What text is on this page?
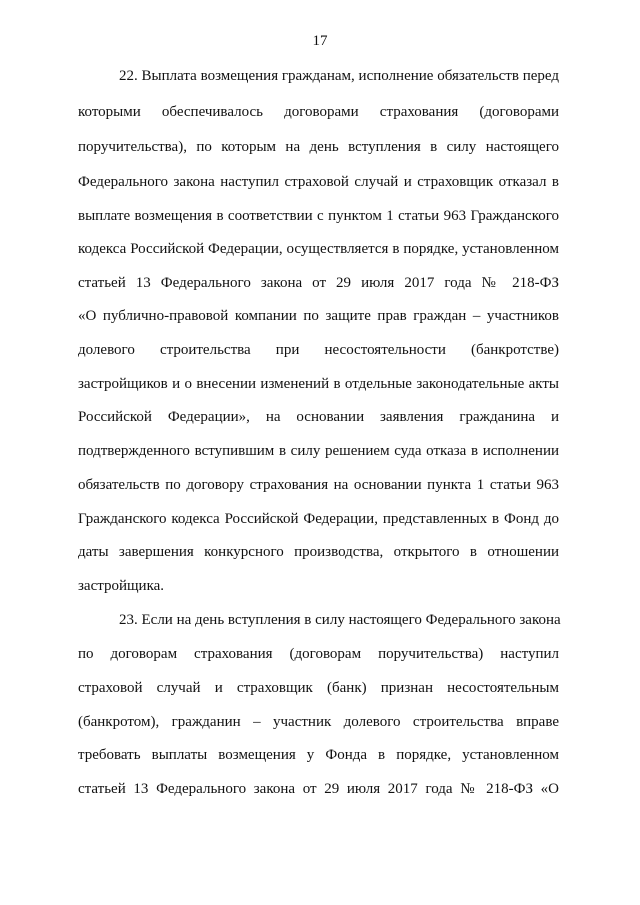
17
22. Выплата возмещения гражданам, исполнение обязательств перед
которыми обеспечивалось договорами страхования (договорами
поручительства), по которым на день вступления в силу настоящего
Федерального закона наступил страховой случай и страховщик отказал в
выплате возмещения в соответствии с пунктом 1 статьи 963 Гражданского
кодекса Российской Федерации, осуществляется в порядке, установленном
статьей 13 Федерального закона от 29 июля 2017 года № 218-ФЗ
«О публично-правовой компании по защите прав граждан – участников
долевого строительства при несостоятельности (банкротстве)
застройщиков и о внесении изменений в отдельные законодательные акты
Российской Федерации», на основании заявления гражданина и
подтвержденного вступившим в силу решением суда отказа в исполнении
обязательств по договору страхования на основании пункта 1 статьи 963
Гражданского кодекса Российской Федерации, представленных в Фонд до
даты завершения конкурсного производства, открытого в отношении
застройщика.
23. Если на день вступления в силу настоящего Федерального закона
по договорам страхования (договорам поручительства) наступил
страховой случай и страховщик (банк) признан несостоятельным
(банкротом), гражданин – участник долевого строительства вправе
требовать выплаты возмещения у Фонда в порядке, установленном
статьей 13 Федерального закона от 29 июля 2017 года № 218-ФЗ «О
